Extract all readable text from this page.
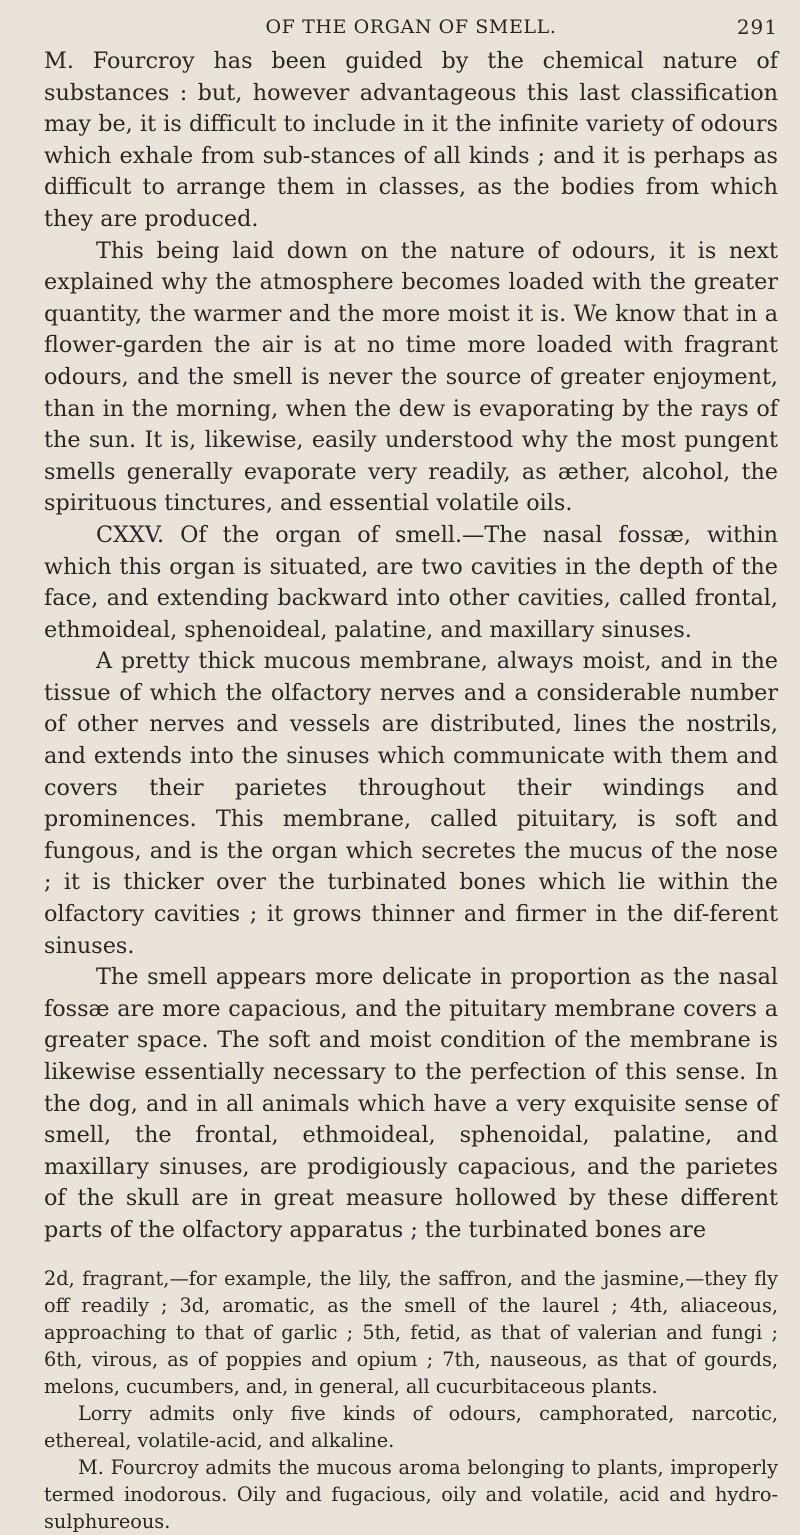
OF THE ORGAN OF SMELL.	291

M. Fourcroy has been guided by the chemical nature of substances : but, however advantageous this last classification may be, it is difficult to include in it the infinite variety of odours which exhale from sub-stances of all kinds ; and it is perhaps as difficult to arrange them in classes, as the bodies from which they are produced.

This being laid down on the nature of odours, it is next explained why the atmosphere becomes loaded with the greater quantity, the warmer and the more moist it is. We know that in a flower-garden the air is at no time more loaded with fragrant odours, and the smell is never the source of greater enjoyment, than in the morning, when the dew is evaporating by the rays of the sun. It is, likewise, easily understood why the most pungent smells generally evaporate very readily, as æther, alcohol, the spirituous tinctures, and essential volatile oils.

CXXV. Of the organ of smell.—The nasal fossæ, within which this organ is situated, are two cavities in the depth of the face, and extending backward into other cavities, called frontal, ethmoideal, sphenoideal, palatine, and maxillary sinuses.

A pretty thick mucous membrane, always moist, and in the tissue of which the olfactory nerves and a considerable number of other nerves and vessels are distributed, lines the nostrils, and extends into the sinuses which communicate with them and covers their parietes throughout their windings and prominences. This membrane, called pituitary, is soft and fungous, and is the organ which secretes the mucus of the nose ; it is thicker over the turbinated bones which lie within the olfactory cavities ; it grows thinner and firmer in the dif-ferent sinuses.

The smell appears more delicate in proportion as the nasal fossæ are more capacious, and the pituitary membrane covers a greater space. The soft and moist condition of the membrane is likewise essentially necessary to the perfection of this sense. In the dog, and in all animals which have a very exquisite sense of smell, the frontal, ethmoideal, sphenoidal, palatine, and maxillary sinuses, are prodigiously capacious, and the parietes of the skull are in great measure hollowed by these different parts of the olfactory apparatus ; the turbinated bones are

2d, fragrant,—for example, the lily, the saffron, and the jasmine,—they fly off readily ; 3d, aromatic, as the smell of the laurel ; 4th, aliaceous, approaching to that of garlic ; 5th, fetid, as that of valerian and fungi ; 6th, virous, as of poppies and opium ; 7th, nauseous, as that of gourds, melons, cucumbers, and, in general, all cucurbitaceous plants.

Lorry admits only five kinds of odours, camphorated, narcotic, ethereal, volatile-acid, and alkaline.

M. Fourcroy admits the mucous aroma belonging to plants, improperly termed inodorous. Oily and fugacious, oily and volatile, acid and hydro-sulphureous.
